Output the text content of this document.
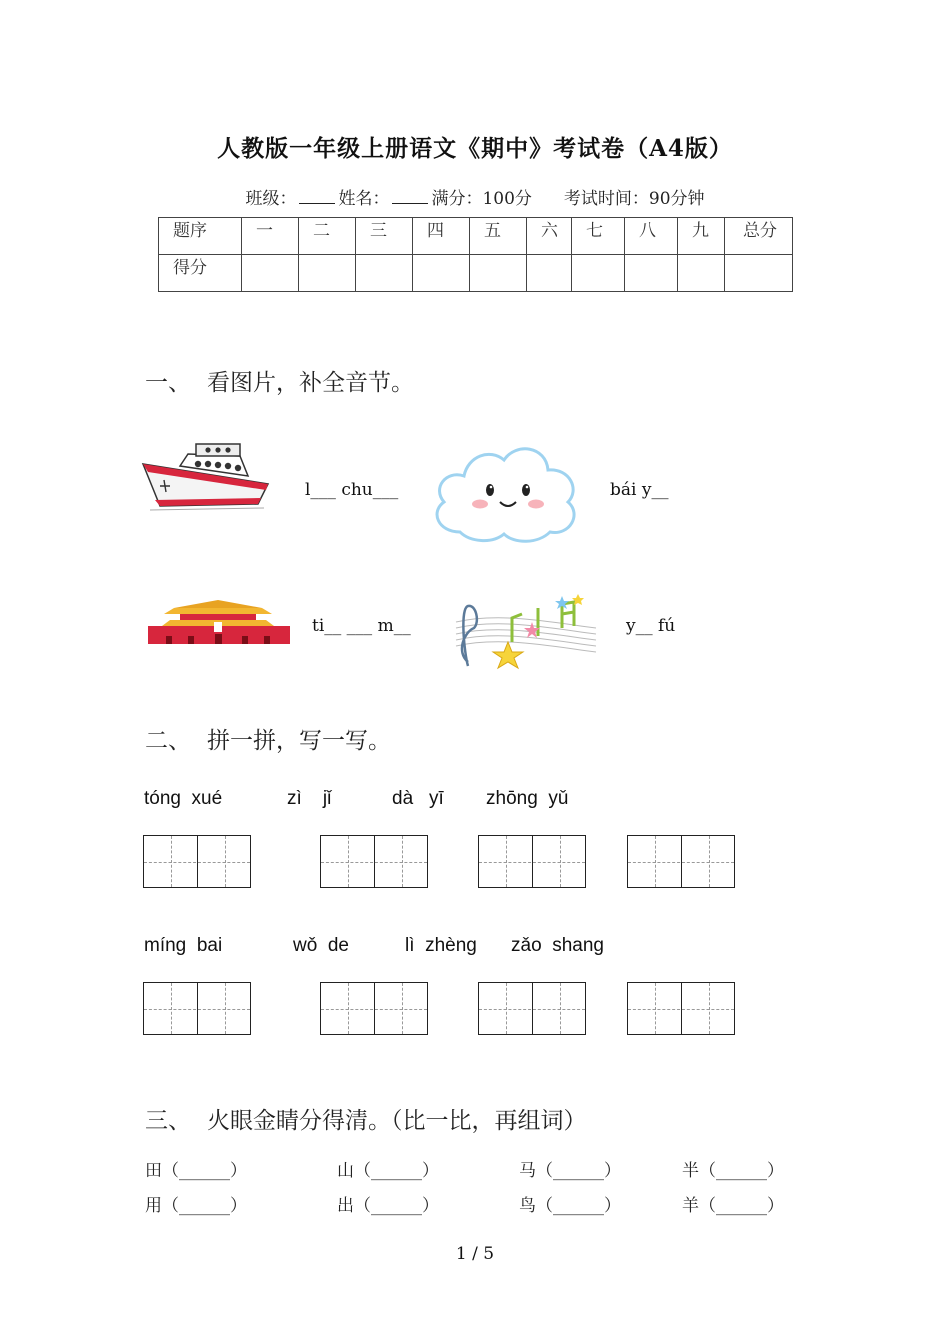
人教版一年级上册语文《期中》考试卷（A4版）
班级： 姓名： 满分：100分 考试时间：90分钟
题序	一	二	三	四	五	六	七	八	九	总分
得分										
一、 看图片，补全音节。
l___ chu___	bái y__
ti__ ___ m__	y__ fú
二、 拼一拼，写一写。
tóng xué	zì jǐ	dà yī zhōng yǔ
míng bai	wǒ de	lì zhèng zǎo shang
三、 火眼金睛分得清。（比一比，再组词）
田（______）	山（______）	马（______）	半（______）
用（______）	出（______）	鸟（______）	羊（______）
1 / 5
